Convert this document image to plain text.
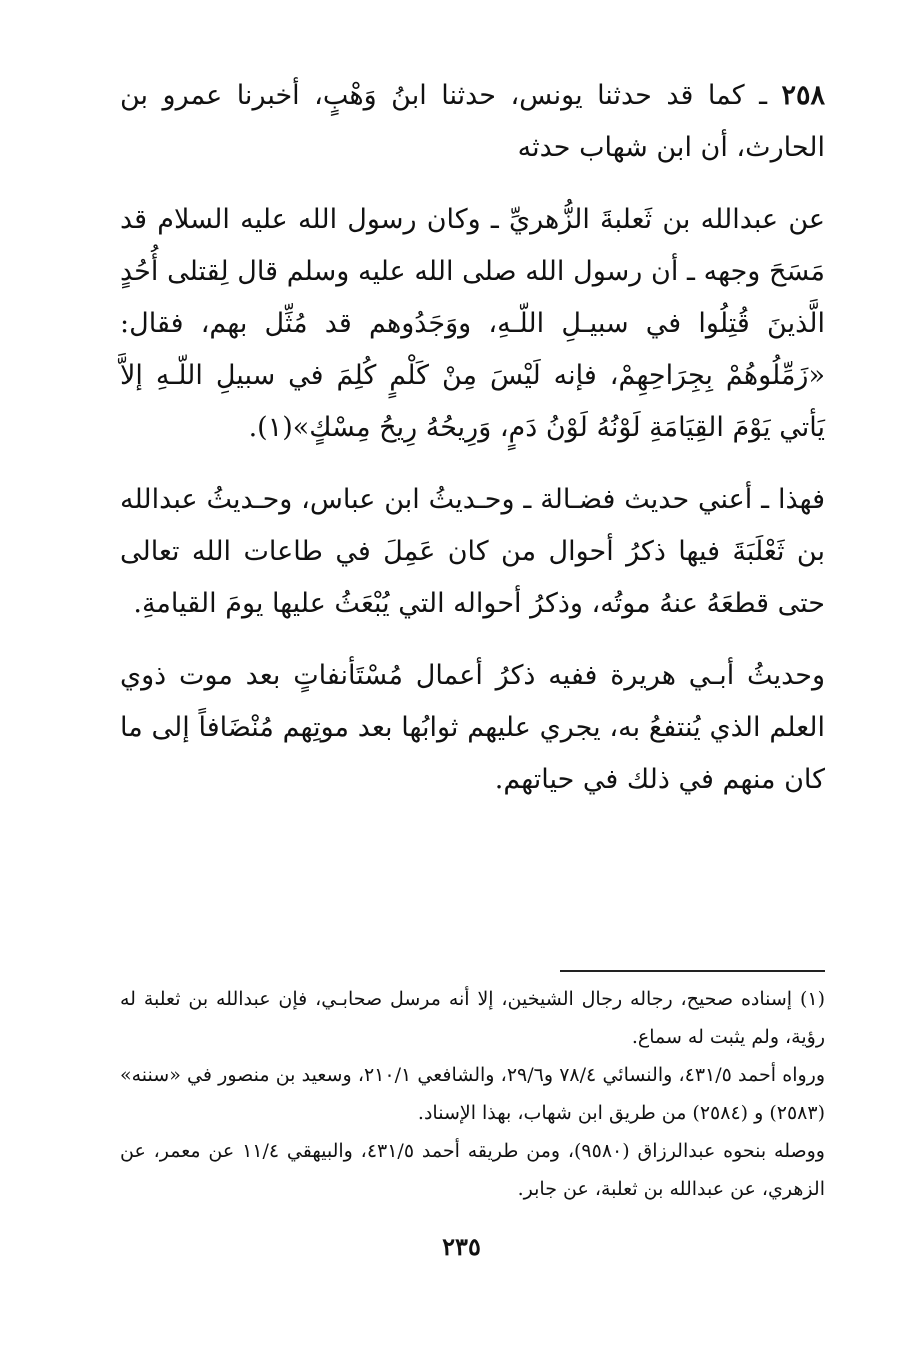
٢٥٨ ـ كما قد حدثنا يونس، حدثنا ابنُ وَهْبٍ، أخبرنا عمرو بن الحارث، أن ابن شهاب حدثه

عن عبدالله بن ثَعلبةَ الزُّهريِّ ـ وكان رسول الله عليه السلام قد مَسَحَ وجهه ـ أن رسول الله صلى الله عليه وسلم قال لِقتلى أُحُدٍ الَّذينَ قُتِلُوا في سبيـلِ اللّـهِ، ووَجَدُوهم قد مُثِّل بهم، فقال: «زَمِّلُوهُمْ بِجِرَاحِهِمْ، فإنه لَيْسَ مِنْ كَلْمٍ كُلِمَ في سبيلِ اللّـهِ إلاَّ يَأتي يَوْمَ القِيَامَةِ لَوْنُهُ لَوْنُ دَمٍ، وَرِيحُهُ رِيحُ مِسْكٍ»(١).

فهذا ـ أعني حديث فضـالة ـ وحـديثُ ابن عباس، وحـديثُ عبدالله بن ثَعْلَبَةَ فيها ذكرُ أحوال من كان عَمِلَ في طاعات الله تعالى حتى قطعَهُ عنهُ موتُه، وذكرُ أحواله التي يُبْعَثُ عليها يومَ القيامةِ.

وحديثُ أبـي هريرة ففيه ذكرُ أعمال مُسْتَأنفاتٍ بعد موت ذوي العلم الذي يُنتفعُ به، يجري عليهم ثوابُها بعد موتِهم مُنْضَافاً إلى ما كان منهم في ذلك في حياتهم.

(١) إسناده صحيح، رجاله رجال الشيخين، إلا أنه مرسل صحابـي، فإن عبدالله بن ثعلبة له رؤية، ولم يثبت له سماع.

ورواه أحمد ٤٣١/٥، والنسائي ٧٨/٤ و٢٩/٦، والشافعي ٢١٠/١، وسعيد بن منصور في «سننه» (٢٥٨٣) و (٢٥٨٤) من طريق ابن شهاب، بهذا الإسناد.

ووصله بنحوه عبدالرزاق (٩٥٨٠)، ومن طريقه أحمد ٤٣١/٥، والبيهقي ١١/٤ عن معمر، عن الزهري، عن عبدالله بن ثعلبة، عن جابر.

٢٣٥
